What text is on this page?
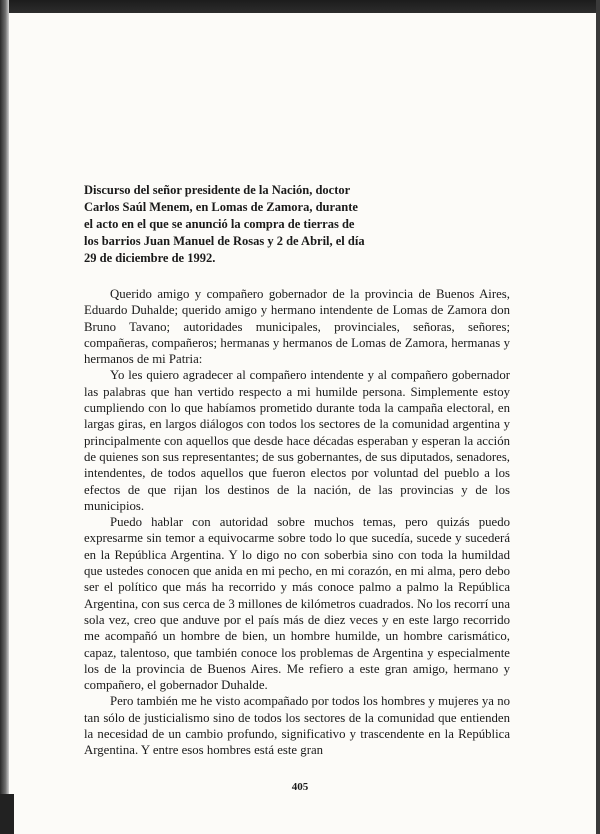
Discurso del señor presidente de la Nación, doctor Carlos Saúl Menem, en Lomas de Zamora, durante el acto en el que se anunció la compra de tierras de los barrios Juan Manuel de Rosas y 2 de Abril, el día 29 de diciembre de 1992.

Querido amigo y compañero gobernador de la provincia de Buenos Aires, Eduardo Duhalde; querido amigo y hermano intendente de Lomas de Zamora don Bruno Tavano; autoridades municipales, provinciales, señoras, señores; compañeras, compañeros; hermanas y hermanos de Lomas de Zamora, hermanas y hermanos de mi Patria:

Yo les quiero agradecer al compañero intendente y al compañero gobernador las palabras que han vertido respecto a mi humilde persona. Simplemente estoy cumpliendo con lo que habíamos prometido durante toda la campaña electoral, en largas giras, en largos diálogos con todos los sectores de la comunidad argentina y principalmente con aquellos que desde hace décadas esperaban y esperan la acción de quienes son sus representantes; de sus gobernantes, de sus diputados, senadores, intendentes, de todos aquellos que fueron electos por voluntad del pueblo a los efectos de que rijan los destinos de la nación, de las provincias y de los municipios.

Puedo hablar con autoridad sobre muchos temas, pero quizás puedo expresarme sin temor a equivocarme sobre todo lo que sucedía, sucede y sucederá en la República Argentina. Y lo digo no con soberbia sino con toda la humildad que ustedes conocen que anida en mi pecho, en mi corazón, en mi alma, pero debo ser el político que más ha recorrido y más conoce palmo a palmo la República Argentina, con sus cerca de 3 millones de kilómetros cuadrados. No los recorrí una sola vez, creo que anduve por el país más de diez veces y en este largo recorrido me acompañó un hombre de bien, un hombre humilde, un hombre carismático, capaz, talentoso, que también conoce los problemas de Argentina y especialmente los de la provincia de Buenos Aires. Me refiero a este gran amigo, hermano y compañero, el gobernador Duhalde.

Pero también me he visto acompañado por todos los hombres y mujeres ya no tan sólo de justicialismo sino de todos los sectores de la comunidad que entienden la necesidad de un cambio profundo, significativo y trascendente en la República Argentina. Y entre esos hombres está este gran

405
